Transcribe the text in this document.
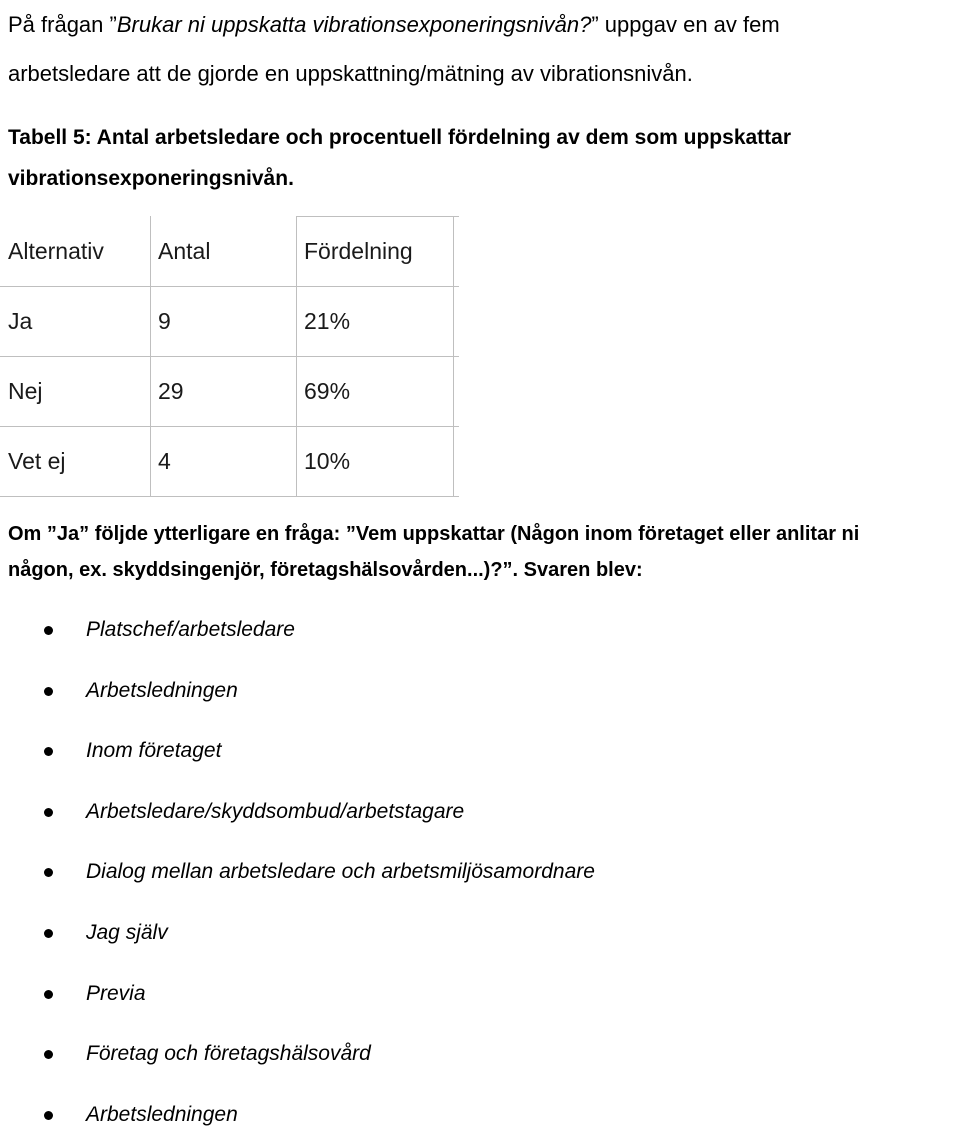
På frågan ”Brukar ni uppskatta vibrationsexponeringsnivån?” uppgav en av fem
arbetsledare att de gjorde en uppskattning/mätning av vibrationsnivån.

Tabell 5: Antal arbetsledare och procentuell fördelning av dem som uppskattar vibrationsexponeringsnivån.

Alternativ	Antal	Fördelning
Ja	9	21%
Nej	29	69%
Vet ej	4	10%

Om ”Ja” följde ytterligare en fråga: ”Vem uppskattar (Någon inom företaget eller anlitar ni
någon, ex. skyddsingenjör, företagshälsovården...)?”. Svaren blev:

Platschef/arbetsledare
Arbetsledningen
Inom företaget
Arbetsledare/skyddsombud/arbetstagare
Dialog mellan arbetsledare och arbetsmiljösamordnare
Jag själv
Previa
Företag och företagshälsovård
Arbetsledningen
